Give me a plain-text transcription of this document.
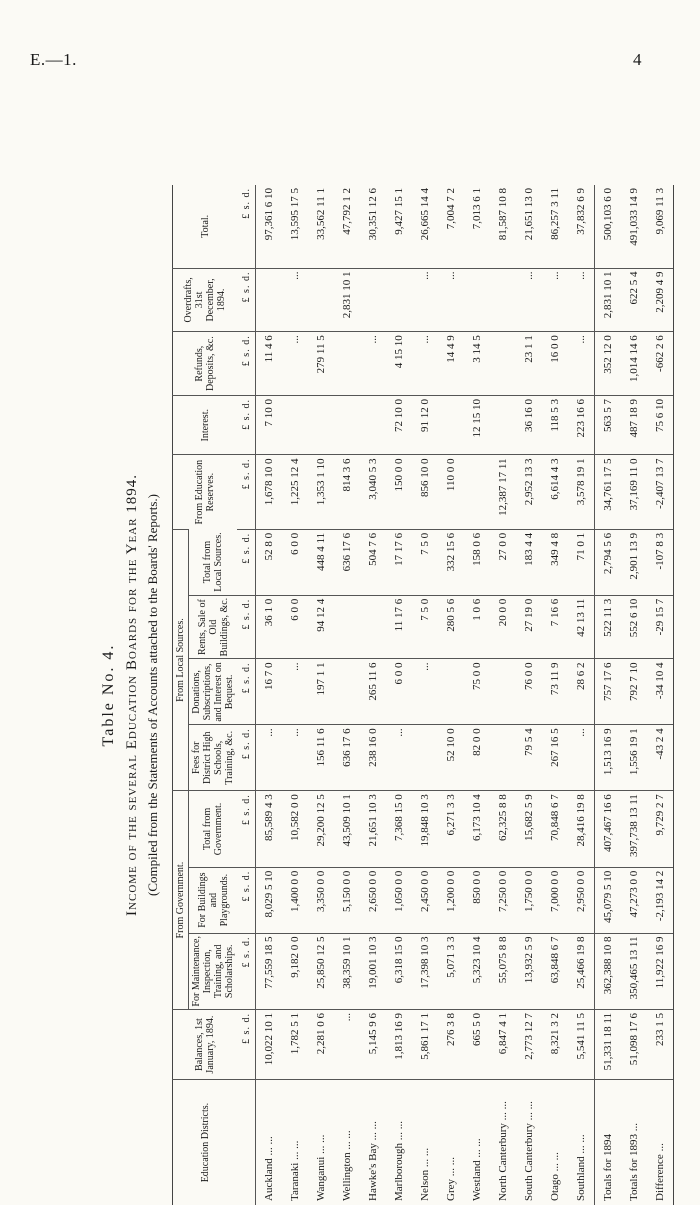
E.—1.	4
Table No. 4. Income of the several Education Boards for the Year 1894. (Compiled from the Statements of Accounts attached to the Boards' Reports.)
Education Districts.	Balances, 1st January, 1894.	From Government.			From Local Sources.				From Education Reserves.	Interest.	Refunds, Deposits, &c.	Overdrafts, 31st December, 1894.	Total.
		For Maintenance, Inspection, Training, and Scholarships.	For Buildings and Playgrounds.	Total from Government.	Fees for District High Schools, Training, &c.	Donations, Subscriptions, and Interest on Bequest.	Rents, Sale of Old Buildings, &c.	Total from Local Sources.					
	£ s. d.	£ s. d.	£ s. d.	£ s. d.	£ s. d.	£ s. d.	£ s. d.	£ s. d.	£ s. d.	£ s. d.	£ s. d.	£ s. d.	£ s. d.
Auckland ... ...	10,022 10 1	77,559 18 5	8,029 5 10	85,589 4 3	...	16 7 0	36 1 0	52 8 0	1,678 10 0	7 10 0	11 4 6		97,361 6 10
Taranaki ... ...	1,782 5 1	9,182 0 0	1,400 0 0	10,582 0 0	...	...	6 0 0	6 0 0	1,225 12 4		...	...	13,595 17 5
Wanganui ... ...	2,281 0 6	25,850 12 5	3,350 0 0	29,200 12 5	156 11 6	197 1 1	94 12 4	448 4 11	1,353 1 10		279 11 5		33,562 11 1
Wellington ... ...	...	38,359 10 1	5,150 0 0	43,509 10 1	636 17 6			636 17 6	814 3 6			2,831 10 1	47,792 1 2
Hawke's Bay ... ...	5,145 9 6	19,001 10 3	2,650 0 0	21,651 10 3	238 16 0	265 11 6		504 7 6	3,040 5 3		...		30,351 12 6
Marlborough ... ...	1,813 16 9	6,318 15 0	1,050 0 0	7,368 15 0	...	6 0 0	11 17 6	17 17 6	150 0 0	72 10 0	4 15 10		9,427 15 1
Nelson ... ...	5,861 17 1	17,398 10 3	2,450 0 0	19,848 10 3		...	7 5 0	7 5 0	856 10 0	91 12 0	...	...	26,665 14 4
Grey ... ...	276 3 8	5,071 3 3	1,200 0 0	6,271 3 3	52 10 0		280 5 6	332 15 6	110 0 0		14 4 9	...	7,004 7 2
Westland ... ...	665 5 0	5,323 10 4	850 0 0	6,173 10 4	82 0 0	75 0 0	1 0 6	158 0 6		12 15 10	3 14 5		7,013 6 1
North Canterbury ... ...	6,847 4 1	55,075 8 8	7,250 0 0	62,325 8 8			20 0 0	27 0 0	12,387 17 11				81,587 10 8
South Canterbury ... ...	2,773 12 7	13,932 5 9	1,750 0 0	15,682 5 9	79 5 4	76 0 0	27 19 0	183 4 4	2,952 13 3	36 16 0	23 1 1	...	21,651 13 0
Otago ... ...	8,321 3 2	63,848 6 7	7,000 0 0	70,848 6 7	267 16 5	73 11 9	7 16 6	349 4 8	6,614 4 3	118 5 3	16 0 0	...	86,257 3 11
Southland ... ...	5,541 11 5	25,466 19 8	2,950 0 0	28,416 19 8	...	28 6 2	42 13 11	71 0 1	3,578 19 1	223 16 6	...	...	37,832 6 9
Totals for 1894	51,331 18 11	362,388 10 8	45,079 5 10	407,467 16 6	1,513 16 9	757 17 6	522 11 3	2,794 5 6	34,761 17 5	563 5 7	352 12 0	2,831 10 1	500,103 6 0
Totals for 1893 ...	51,098 17 6	350,465 13 11	47,273 0 0	397,738 13 11	1,556 19 1	792 7 10	552 6 10	2,901 13 9	37,169 11 0	487 18 9	1,014 14 6	622 5 4	491,033 14 9
Difference ...	233 1 5	11,922 16 9	-2,193 14 2	9,729 2 7	-43 2 4	-34 10 4	-29 15 7	-107 8 3	-2,407 13 7	75 6 10	-662 2 6	2,209 4 9	9,069 11 3
